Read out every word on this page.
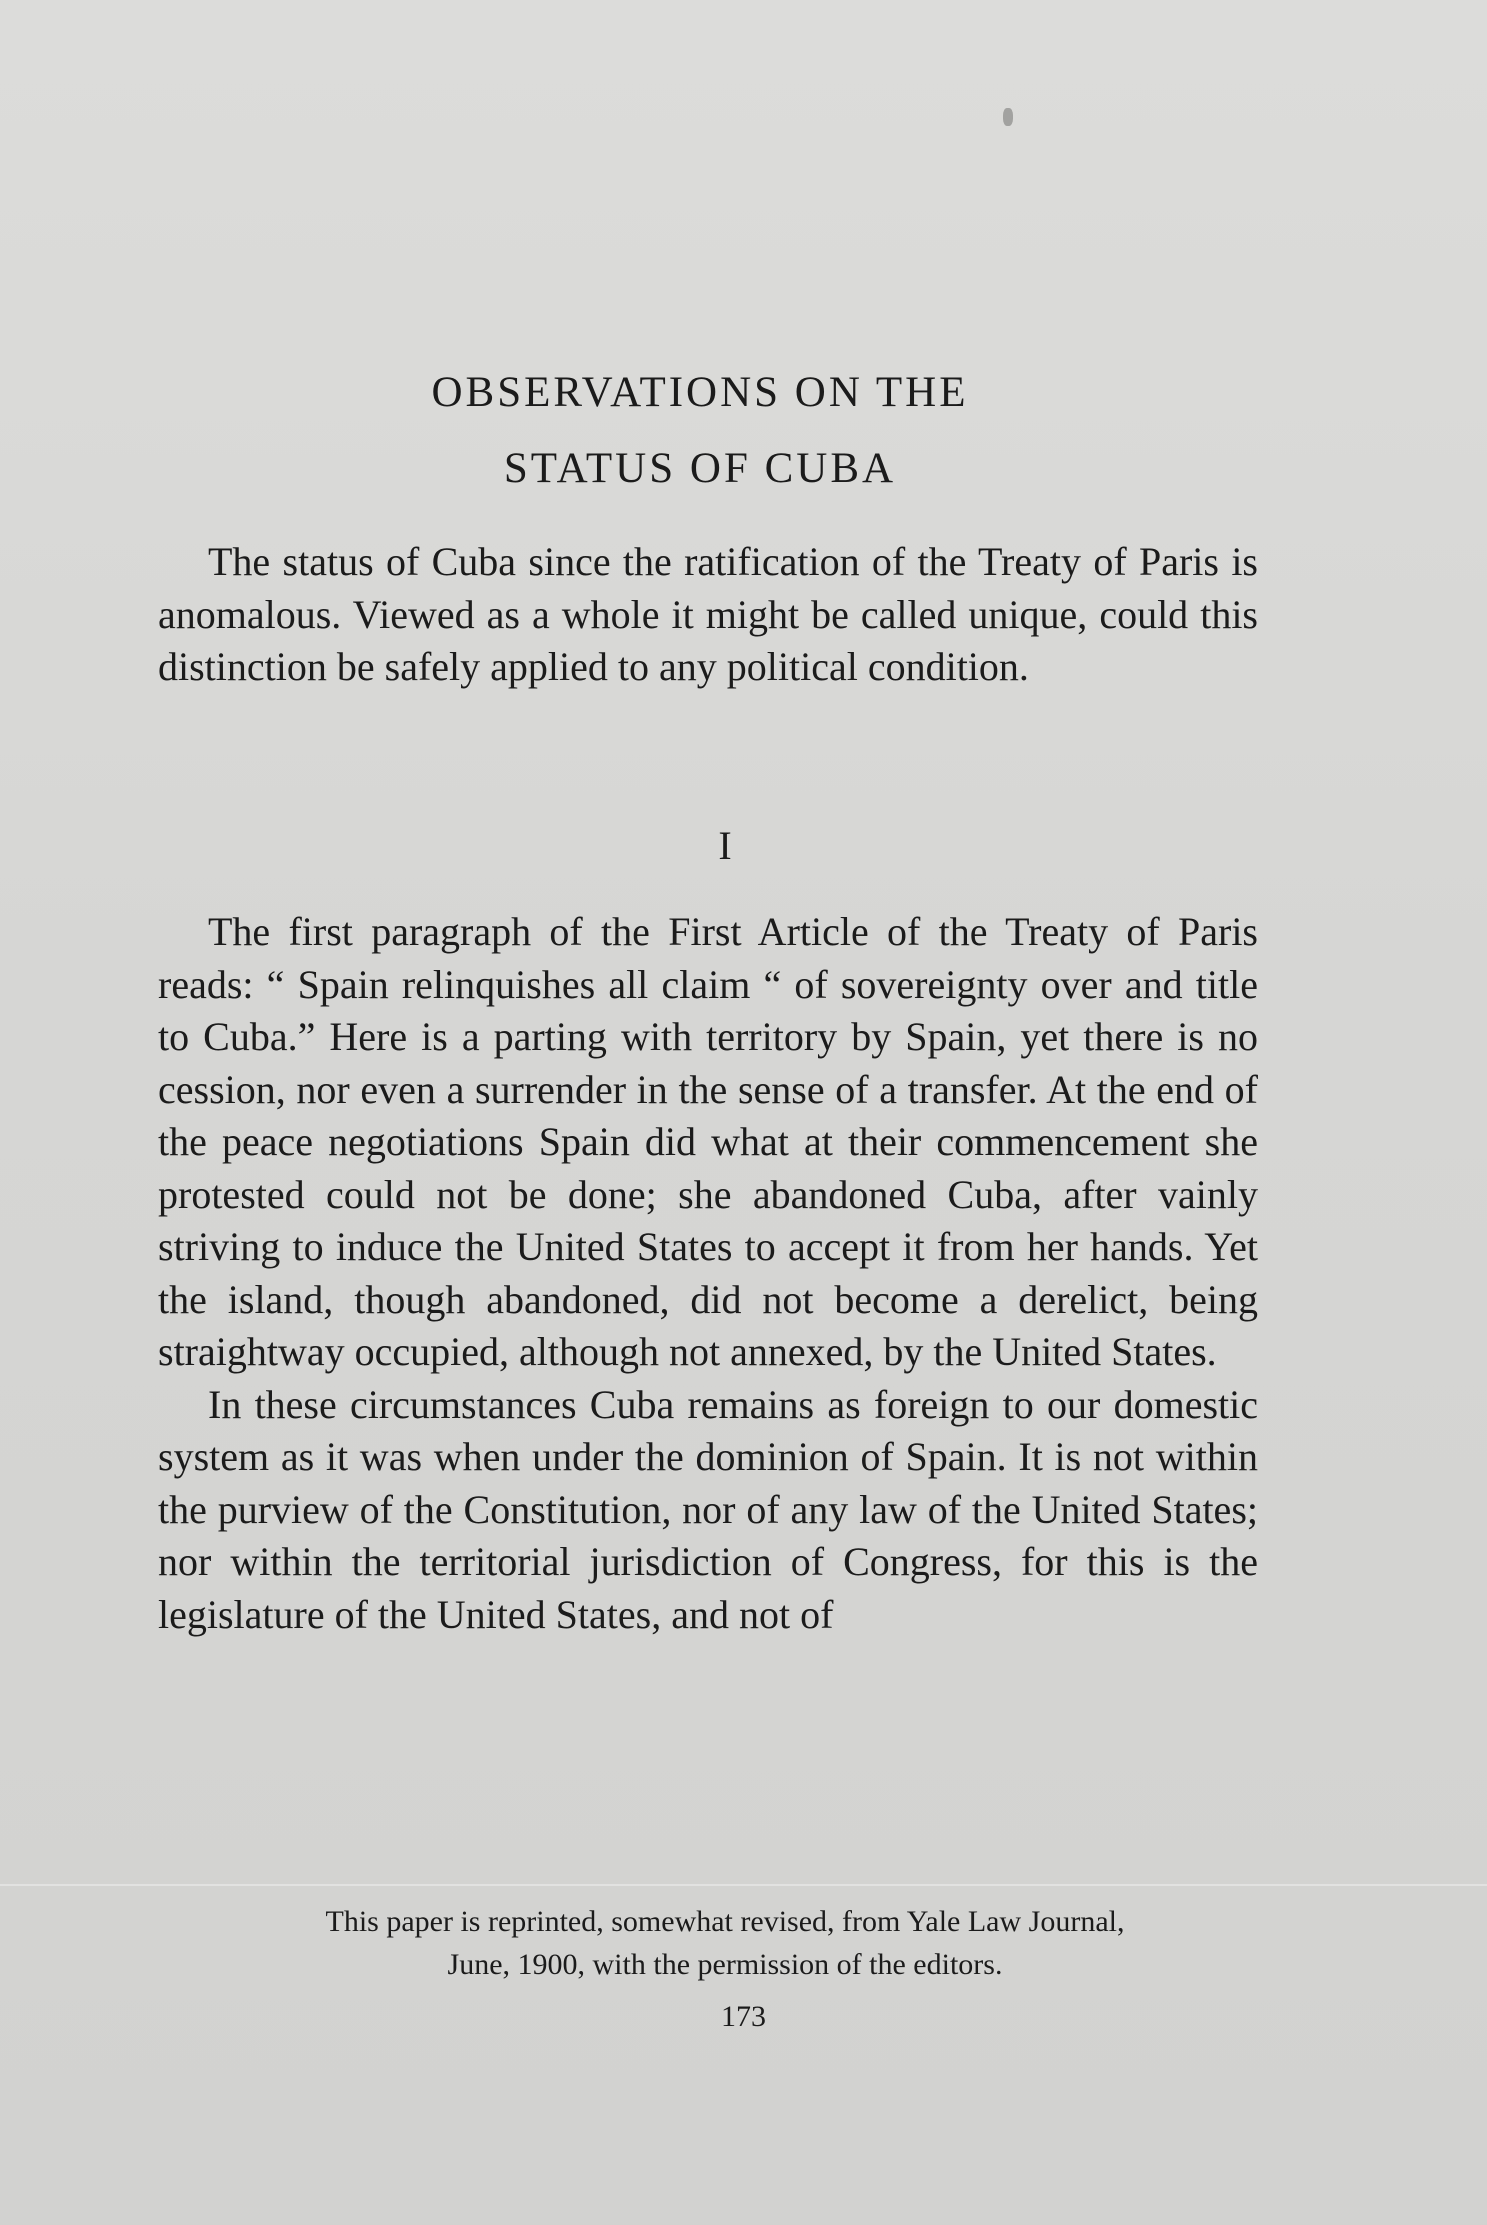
OBSERVATIONS ON THE
STATUS OF CUBA

The status of Cuba since the ratification of the Treaty of Paris is anomalous. Viewed as a whole it might be called unique, could this distinction be safely applied to any political condition.

I

The first paragraph of the First Article of the Treaty of Paris reads: “ Spain relinquishes all claim “ of sovereignty over and title to Cuba.” Here is a parting with territory by Spain, yet there is no cession, nor even a surrender in the sense of a transfer. At the end of the peace negotiations Spain did what at their commencement she protested could not be done; she abandoned Cuba, after vainly striving to induce the United States to accept it from her hands. Yet the island, though abandoned, did not become a derelict, being straightway occupied, although not annexed, by the United States.

In these circumstances Cuba remains as foreign to our domestic system as it was when under the dominion of Spain. It is not within the purview of the Constitution, nor of any law of the United States; nor within the territorial jurisdiction of Congress, for this is the legislature of the United States, and not of

This paper is reprinted, somewhat revised, from Yale Law Journal,
June, 1900, with the permission of the editors.

173
